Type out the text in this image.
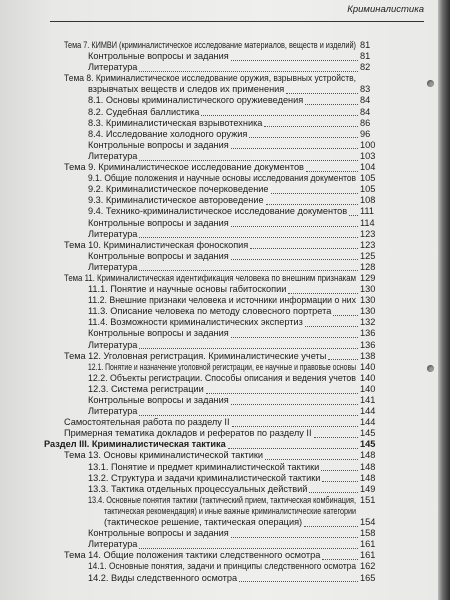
Криминалистика
Тема 7. КИМВИ (криминалистическое исследование материалов, веществ и изделий) 81
Контрольные вопросы и задания	81
Литература	82
Тема 8. Криминалистическое исследование оружия, взрывных устройств,
взрывчатых веществ и следов их применения	83
8.1. Основы криминалистического оружиеведения	84
8.2. Судебная баллистика	84
8.3. Криминалистическая взрывотехника	86
8.4. Исследование холодного оружия	96
Контрольные вопросы и задания	100
Литература	103
Тема 9. Криминалистическое исследование документов	104
9.1. Общие положения и научные основы исследования документов 105
9.2. Криминалистическое почерковедение	105
9.3. Криминалистическое автороведение	108
9.4. Технико-криминалистическое исследование документов 111
Контрольные вопросы и задания	114
Литература	123
Тема 10. Криминалистическая фоноскопия	123
Контрольные вопросы и задания	125
Литература	128
Тема 11. Криминалистическая идентификация человека по внешним признакам 129
11.1. Понятие и научные основы габитоскопии	130
11.2. Внешние признаки человека и источники информации о них 130
11.3. Описание человека по методу словесного портрета	130
11.4. Возможности криминалистических экспертиз	132
Контрольные вопросы и задания	136
Литература	136
Тема 12. Уголовная регистрация. Криминалистические учеты	138
12.1. Понятие и назначение уголовной регистрации, ее научные и правовые основы 140
12.2. Объекты регистрации. Способы описания и ведения учетов 140
12.3. Система регистрации	140
Контрольные вопросы и задания	141
Литература	144
Самостоятельная работа по разделу II	144
Примерная тематика докладов и рефератов по разделу II	145
Раздел III. Криминалистическая тактика	145
Тема 13. Основы криминалистической тактики	148
13.1. Понятие и предмет криминалистической тактики	148
13.2. Структура и задачи криминалистической тактики	148
13.3. Тактика отдельных процессуальных действий	149
13.4. Основные понятия тактики (тактический прием, тактическая комбинация, 151
тактическая рекомендация) и иные важные криминалистические категории
(тактическое решение, тактическая операция)	154
Контрольные вопросы и задания	158
Литература	161
Тема 14. Общие положения тактики следственного осмотра	161
14.1. Основные понятия, задачи и принципы следственного осмотра 162
14.2. Виды следственного осмотра	165
